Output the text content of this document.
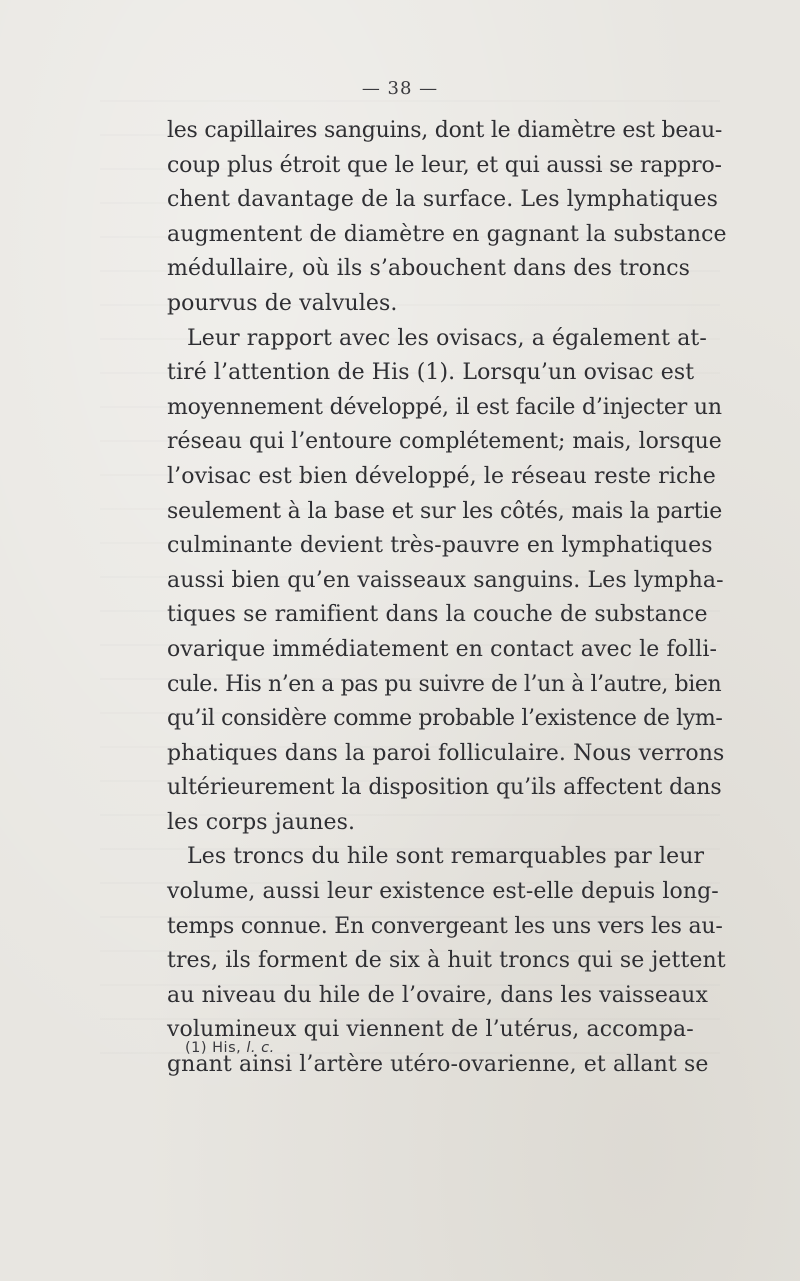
— 38 —
les capillaires sanguins, dont le diamètre est beau-
coup plus étroit que le leur, et qui aussi se rappro-
chent davantage de la surface. Les lymphatiques
augmentent de diamètre en gagnant la substance
médullaire, où ils s’abouchent dans des troncs
pourvus de valvules.
Leur rapport avec les ovisacs, a également at-
tiré l’attention de His (1). Lorsqu’un ovisac est
moyennement développé, il est facile d’injecter un
réseau qui l’entoure complétement; mais, lorsque
l’ovisac est bien développé, le réseau reste riche
seulement à la base et sur les côtés, mais la partie
culminante devient très-pauvre en lymphatiques
aussi bien qu’en vaisseaux sanguins. Les lympha-
tiques se ramifient dans la couche de substance
ovarique immédiatement en contact avec le folli-
cule. His n’en a pas pu suivre de l’un à l’autre, bien
qu’il considère comme probable l’existence de lym-
phatiques dans la paroi folliculaire. Nous verrons
ultérieurement la disposition qu’ils affectent dans
les corps jaunes.
Les troncs du hile sont remarquables par leur
volume, aussi leur existence est-elle depuis long-
temps connue. En convergeant les uns vers les au-
tres, ils forment de six à huit troncs qui se jettent
au niveau du hile de l’ovaire, dans les vaisseaux
volumineux qui viennent de l’utérus, accompa-
gnant ainsi l’artère utéro-ovarienne, et allant se
(1) His, l. c.
